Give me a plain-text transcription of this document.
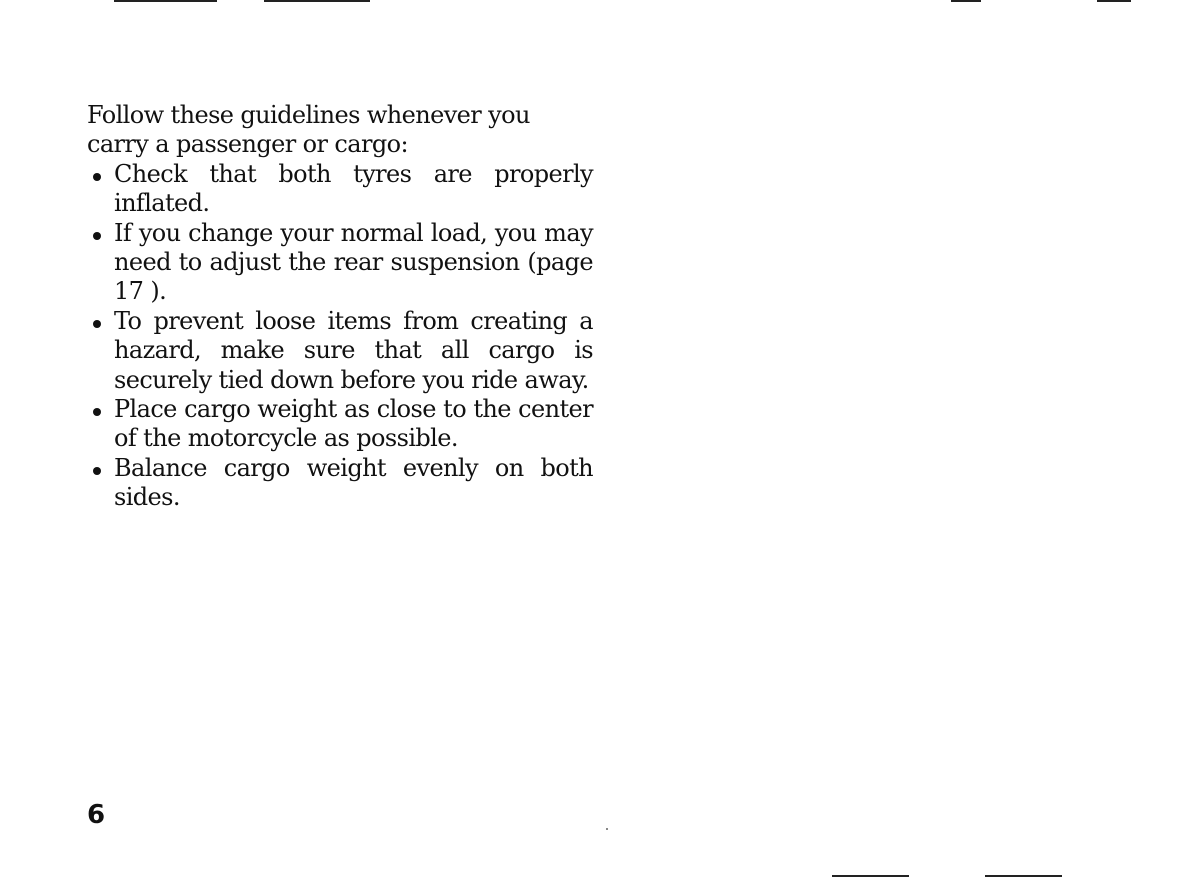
Follow these guidelines whenever you carry a passenger or cargo:

Check that both tyres are properly inflated.
If you change your normal load, you may need to adjust the rear suspension (page 17 ).
To prevent loose items from creating a hazard, make sure that all cargo is securely tied down before you ride away.
Place cargo weight as close to the center of the motorcycle as possible.
Balance cargo weight evenly on both sides.
6
